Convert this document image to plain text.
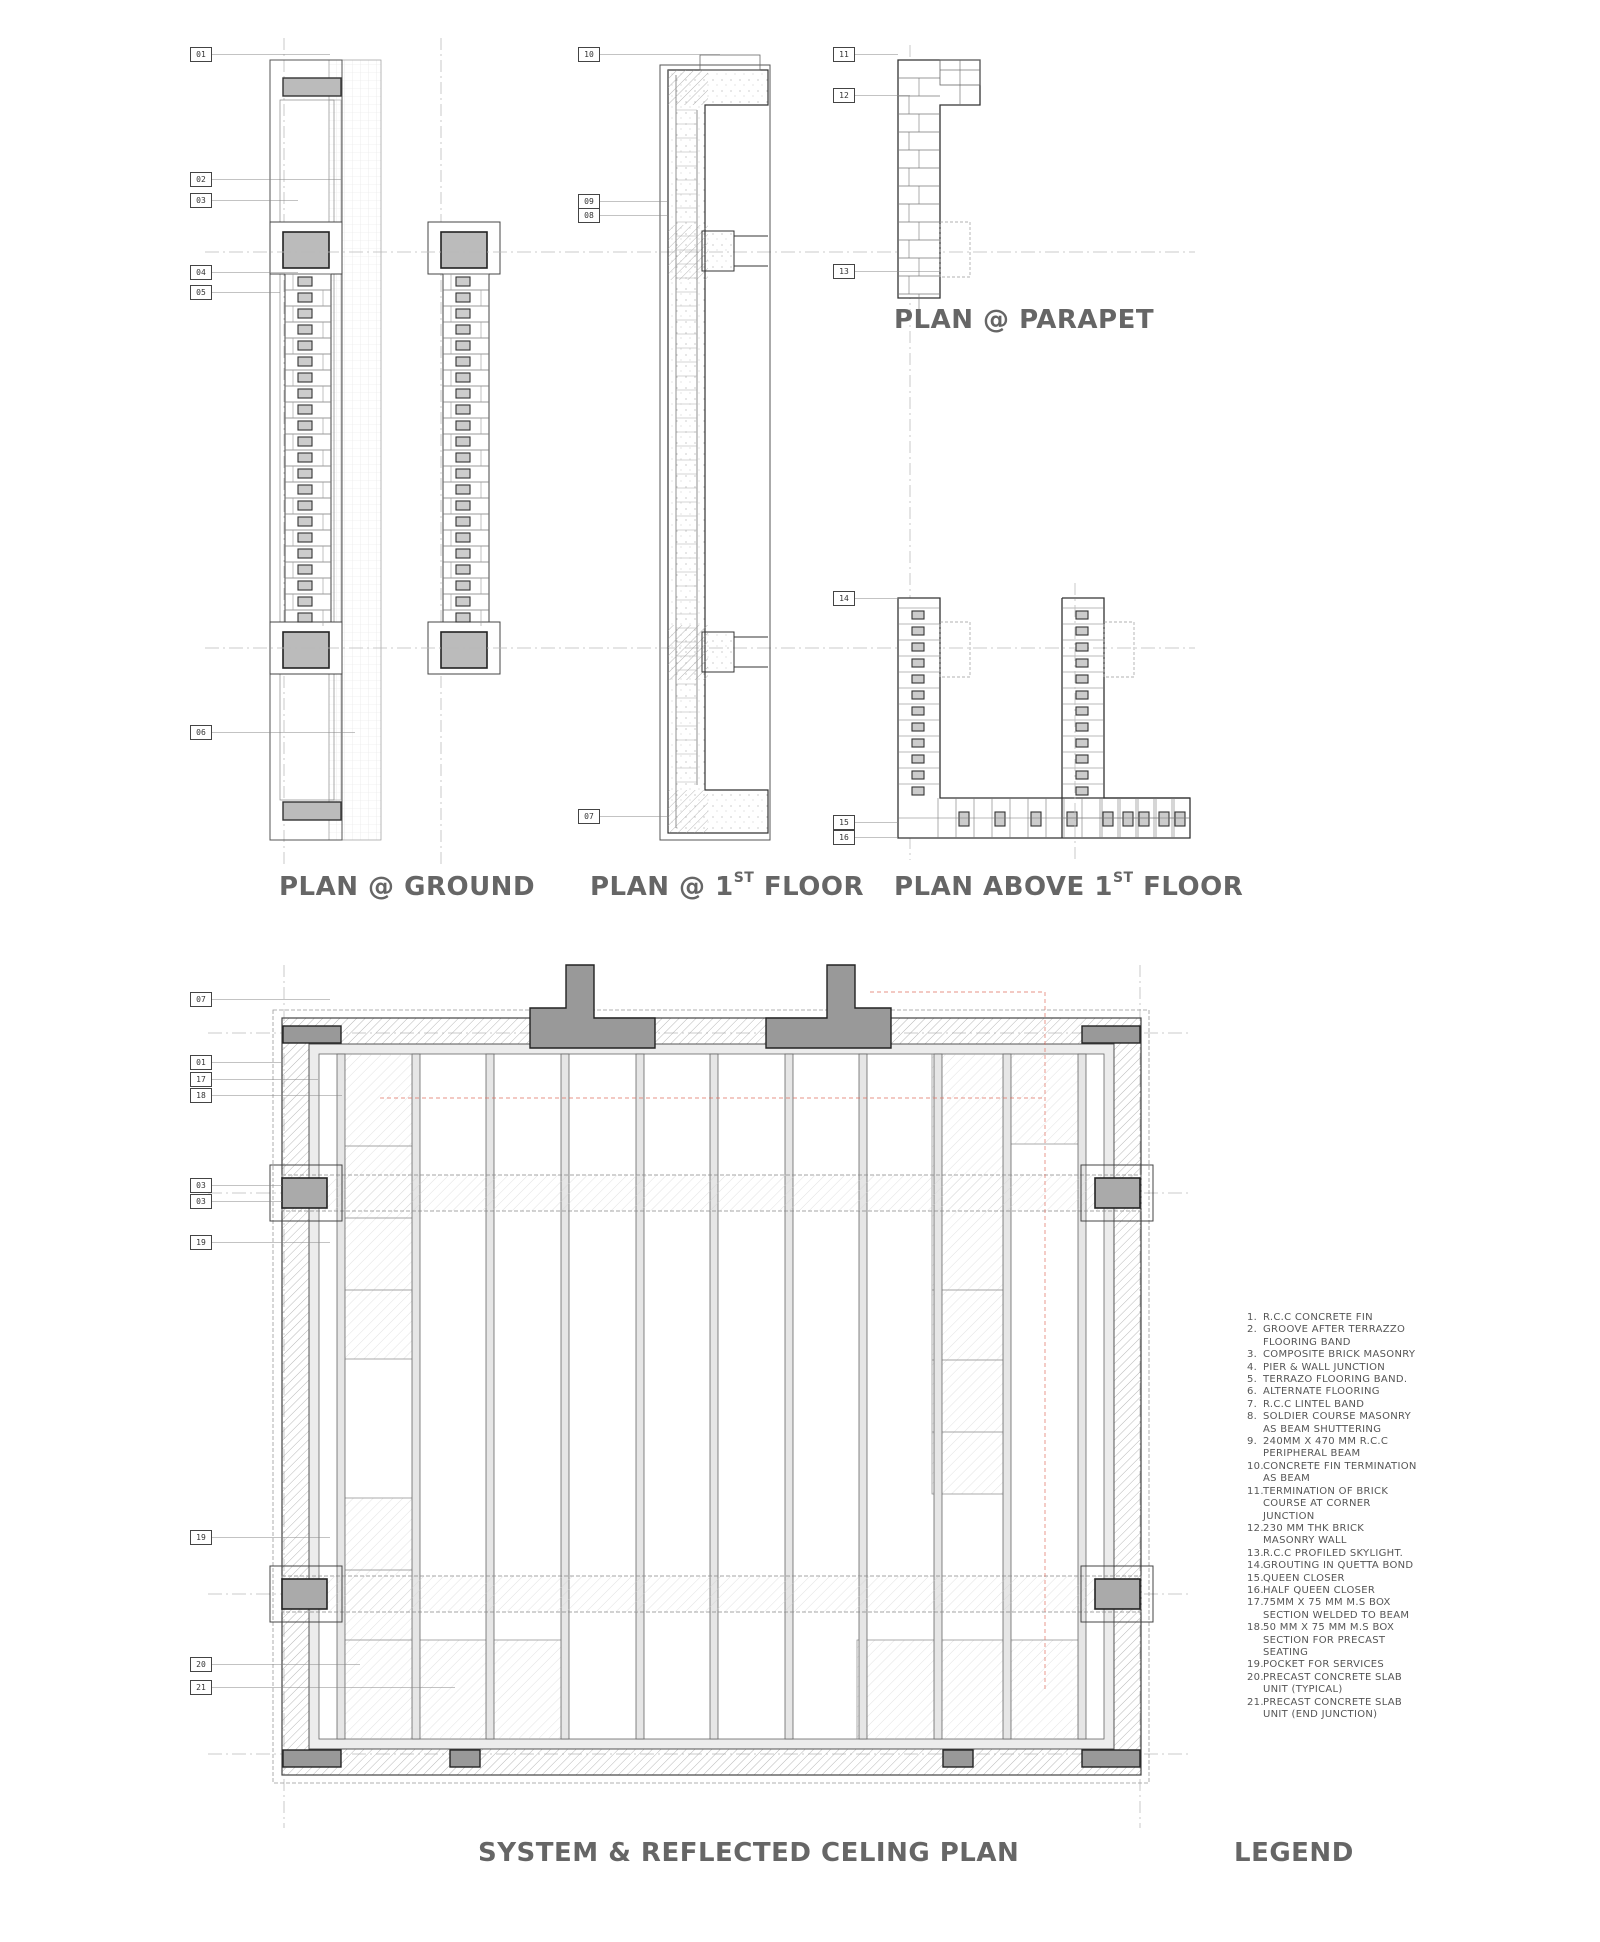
01
02
03
04
05
06
10
09
08
07
11
12
13
14
15
16
07
01
17
18
03
03
19
19
20
21
PLAN @ GROUND PLAN @ 1ST FLOOR PLAN ABOVE 1ST FLOOR
PLAN @ PARAPET
SYSTEM & REFLECTED CELING PLAN	LEGEND
1. R.C.C CONCRETE FIN
2. GROOVE AFTER TERRAZZO FLOORING BAND
3. COMPOSITE BRICK MASONRY
4. PIER & WALL JUNCTION
5. TERRAZO FLOORING BAND.
6. ALTERNATE FLOORING
7. R.C.C LINTEL BAND
8. SOLDIER COURSE MASONRY AS BEAM SHUTTERING
9. 240MM X 470 MM R.C.C PERIPHERAL BEAM
10. CONCRETE FIN TERMINATION AS BEAM
11. TERMINATION OF BRICK COURSE AT CORNER JUNCTION
12. 230 MM THK BRICK MASONRY WALL
13. R.C.C PROFILED SKYLIGHT.
14. GROUTING IN QUETTA BOND
15. QUEEN CLOSER
16. HALF QUEEN CLOSER
17. 75MM X 75 MM M.S BOX SECTION WELDED TO BEAM
18. 50 MM X 75 MM M.S BOX SECTION FOR PRECAST SEATING
19. POCKET FOR SERVICES
20. PRECAST CONCRETE SLAB UNIT (TYPICAL)
21. PRECAST CONCRETE SLAB UNIT (END JUNCTION)
